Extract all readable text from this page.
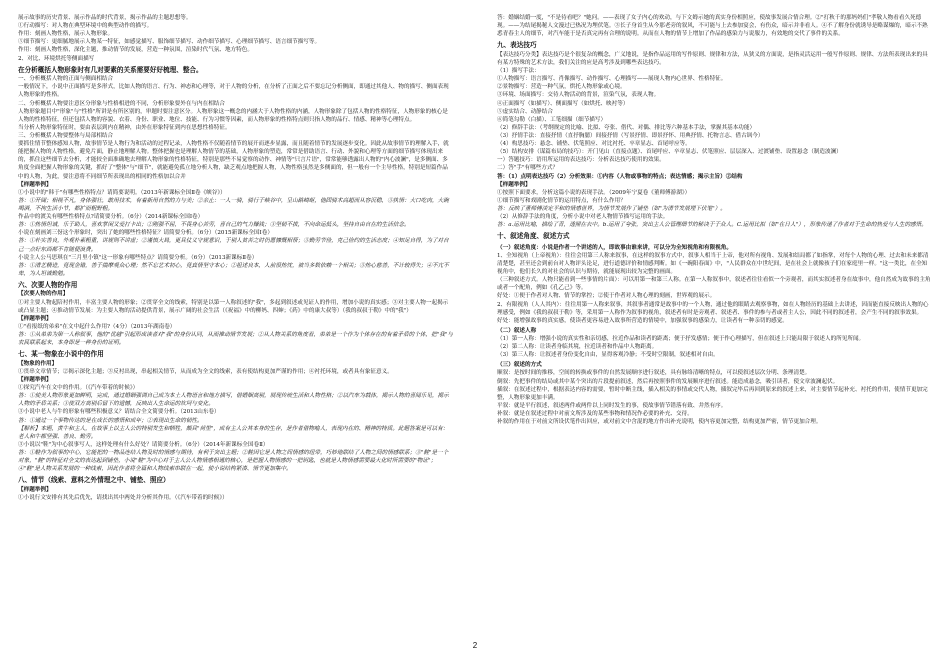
展示故事的历史背景、展示作品的时代背景，揭示作品的主题思想等。

①行动描写：对人物在典型环境中的典型动作的描写。

作用：刻画人物性格，展示人物形象。

⑤细节描写：更细腻地展示人物某一特征，如感觉描写、服饰细节描写、动作细节描写、心理细节描写、语言细节描写等。

作用：刻画人物性格，深化主题，推动情节的发展，营造一种氛围，渲染时代气氛、地方特色。

2、对比、环境烘托等侧面描写

在分析概括人物形象时有几对要素的关系需要好好梳理、整合。

一、分析概括人物的正面与侧面相结合

一般情况下，小说中正面描写是多形式，比如人物的语言、行为、神态和心理等，对于人物的分析，在分析了正面之后不要忘记分析侧面，即通过其他人、物的描写、侧面表现人物形象的性格。

二、分析概括人物要注意区分形象与性格相进的不同，分析形象要外在与内在相结合

人物形象题目中"形象"与"性格"所讲是有所区别的，审题时要注意区分。人物形象这一概念的内涵大于人物性格的内涵，人物形象除了包括人物的性格特征，人物形象的核心是人物的性格特征，但还包括人物的容貌、衣着、身份、职业、地位、技能、行为习惯等因素，而人物形象的性格特点则只指人物的品行、情感、精神等心理特点。

当分析人物形象特征时，要由表层到内在精神，由外在形象特征到内在思想性格特征。

三、分析概括人物要整体与局部相结合

要抓住情节整体感知人物，故事情节是人物行为和活动的过程记录，人物性格不仅随着情节的展开而逐步显露，而且随着情节的发展逐步变化。因此从故事情节的理解入手，就能把握人物的人物性格，避免片面，静止地理解人物。整体把握也是理解人物情节的基础，人物形象的塑造，常常是借助语言、行动、外貌和心理等方面的细节描写体现出来的，抓住这些细节去分析，才能较全面准确地去理解人物形象的性格特征，特别是那些不易觉察的动作、神情等"只言片语"，常常能够透露出人物的"内心波澜"，是多侧面、多角度全面把握人物形象的关键，抓好了"整体"与"细节"，就能避免孤立地分析人物，缺乏观点地把握人物，人物性格虽然是多侧面的，但一般有一个主导性格，特别是短篇作品中的人物，为此，要注意将不同细节所表现出的相同的性格加以合并

【样题举例】

①小说中的"韩于"有哪些性格特点？请简要说明。（2013年新课标全国Ⅱ卷《峡谷》）

答：①开阔；相视不凡，身体强壮，敢用技术，有着新用自然的力与美；②亲止：一人一骑，骑行于峡谷中，呈山路崎岖，他固骑术高超而从容沉稳，③执情：大口吃肉，大碗喝酒，不拘生活小节，都扩而粗野粗。

作品中的渡关有哪些性格特点?请简要分析。（6分）（2014新课标全国Ⅰ卷）

答：①热情坦诚，乐于助人，喜欢掌闲又爱打卡出；②刚强不屈，不畏身心苦劳，喜自己的气力赚钱；③坚韧不拔，不向命运低头，坚持自由自在的生活信念。

小说在刻画刘三伢这个形象时，突出了她的哪些性格特征？请简要分析。（6分）（2015新课标全国Ⅰ卷）

答：①朴实善良，外观朴素粗重，讲规则不讲虚；②谨慎大局，更具仗义守规意识，于别人贫苦之时仍愿慷慨相帮；③勤劳节俭，克己俭约的生活态度；④知足自得，为了对自己一点好东西都不肯随便浪费。

小说主人公马思琪在"三月里小镇"这一形象有哪些特点？请简要分析。（6分）（2013新课标Ⅱ卷）

答：①清艺精进，竟现金错，善于揣摩观众心理；然不忘艺术初心，竟真情坚守本心；②祖述良本，人前很热忱，被当多数依赖一个相关；③热心慈善，不计较得失；④不亢不卑，为人坦诚勤勉。

六、次要人物的作用

【次要人物的作用】

①对主要人物起陪衬作用，丰富主要人物的形象；②贯穿全文的线索，特别是以第一人称叙述的"我"，多起到叙述或见证人的作用，增加小说的真实感；③对主要人物一起揭示或凸显主题；④推动情节发展：为主要人物的活动提供背景，展示广阔的社会生活（《祝福》中的柳妈、四婶；《药》中的康大叔等）（我的叔叔于勒》中的"我"）

【样题举例】

①"看报纸的弟弟"在文中起什么作用?（4分）（2013年湖南卷）

答：①从弟弟为第一人称叙事，他的"优越"引起形成读者对"我"的身份认同，从而推动情节发展；②从人物关系的角度看，弟弟是一个作为个体存在的有着矛盾的个体，把"我"与农民联系起来，本身即是一种身份的证明。

七、某一物象在小说中的作用

【物象的作用】

①贯串文章情节；②揭示深化主题；③反衬出现，串起相关情节，从而成为全文的线索，表有使结构更加严谨的作用；④衬托环境，或者具有象征意义。

【样题举例】

①探究汽车在文中的作用。（《汽车带着的时候》）

答：①使美人物形象更加鲜明，完成，通过婚姻强调自己成为本土人物语言和地方描写，借婚姻离别，展现传统生活和人物性格；②以汽车为载体，揭示人物的喜闻乐见，揭示人物的矛盾关系；③使双方离别后留下的遗憾，反映出人生命运的坎坷与变化。

③小说中老人与牛的形象有哪些积极意义？请结合全文简要分析。（2013山东卷）

答：①通过一个事物传达的是在成长的感悟和成年；②表现出生命的韧性。

【解析】本题，黄牛和主人，在故事上以主人公的特别发生和牺牲，颇具"荷里"，成有主人公其本身的生存，是作者借物喻人，表现内在的、精神的特质。此题答案是可以有：老人和牛都坚强、善良、勤劳。

③小说以"鞋"为中心叙事写人，这样处理有什么好处？请简要分析。（6分）（2014年新课标全国卷Ⅱ）

答：①鞋作为叙事的中心，它能把的一物品连结人物及时的情感与期待，有利于突出主题；②鞋因它是人物之间情感的纽带，巧妙地联结了人物之间的情感联系；③"鞋"是一个对象，"鞋"的特征对全文的表达起到铺垫，小说"鞋"为中心对于主人公人物情感相通的核心，是把握人物情感的一把钥匙，也就是人物情感需要最大化时所需要的"物证"；④"鞋"是人物关系发展的一种线索，因此作者将全篇和人物线索串联在一起，使小说结构紧凑、情节更加集中。

八、情节（线索、意料之外情理之中、铺垫、照应）

【样题举例】

①小说行文安排有其先后优先，请找出其中两处并分析其作用。（《汽车带着的时候》）

答：婚姻结婚一度，"不是待看吧？"她问。——表现了女子内心的欢动，与下文姆示她的真实身份相照应，使故事发展合情合理。②"打秋千的那妈妈们"孝敬人物看看久死德现。——为结尾揭秘人文漫过已热况为埋伏笔。③长子身首生从今那老旁的叙风，不可能与上去参加宴会，有伤众，暗示并非看人。④不了解身份就诱导是略谋爆的，暗示不熟悉青春主人的细节，对汽车能于是否真完再有合理的说明。从而在人物的情节上增加了作品的感染力与说服力，有效地的交代了事件的关系。

九、表达技巧

【表达技巧分类】表达技巧是个很复杂的概念，广义地说，是指作品运用的写作原则、规律和方法，从狭义的方面说，是指灵活运用一般写作原则、规律、方法所表现出来的具有某方特殊的艺术方法，我们关注的应是高考涉及到哪些表达技巧。

（1）描写手法：

①人物描写：语言描写、肖像描写、动作描写、心理描写——展现人物内心世界、性格特征。

②景物描写：营造一种气氛，烘托人物形象或心境。

③环境、场面描写：交待人物活动的背景，渲染气氛，表现人物。

④正面描写（如描写）、侧面描写（如烘托、映衬等）

⑤虚实结合、动静结合

⑥简笔勾勒（白描）、工笔细描（细节描写）

（2）修辞手法：（考纲规定的比喻、比拟、夸张、借代、对偶、排比等六种基本手法，掌握其基本功能）

（3）抒情手法：直接抒情（直抒胸臆）间接抒情（写景抒情、即景抒怀、用典抒情、托物言志、借古讽今）

（4）构思技巧：悬念、铺垫、伏笔照应、对比衬托、卒章显志、首尾呼应等。

（5）结构安排（谋篇布局的技巧）：开门见山（直接点题）、首尾呼应、卒章显志、伏笔照应、层层深入、过渡铺垫、设置悬念（制造波澜）

一）答题技巧：语用所运用的表达技巧：分析表达技巧使用的效果。

二）答"手"有哪些方式？

答：（1）点明表达技巧（2）分析效果：①内容（人物或事物的特点；表达情感；揭示主旨）②结构

【样题举例】

①按照下面要求，分析这篇小说的表现手法。（2009年宁夏卷《董师傅游湖》）

①细节描写和戏剧化情节的运用特点，有什么作用？

答：反映了董师傅淡定平和的情感世界，为情节发展作了铺垫（如"为清节发展埋下伏笔"）。

（2）从修辞手法的角度，分析小说中对老人物情节描写运用的手法。

答：a.运用比喻，描绘了青，透照在衣中。b.运用了夸张，突出主人公管理细节的秘诀于于众人。C.运用比拟（如"在日人"），形象传递了作者对于生命的热爱与人生的感悟。

十、叙述角度、叙述方式

（一）叙述角度：小说是作者一个讲述的人，即故事由谁来讲，可以分为全知视角和有限视角。

1、全知视角（上帝视角）：往往会用第三人称来叙事，在这样的叙事方式中，叙事人相当于上帝，他对所有视角、发展和结局都了如指掌，对每个人物的心理、过去和未来都清清楚楚，甚至还会到前台对人物评头论足，进行道德评价和情感判断。如《一碗阳春面》中，"人民群众在中世纪间，是在社会上就像孩子们在家庭里一样。"这一类比，在全知视角中，他们长久的对社会的认识与期待，就能展现出较为完整的画面。

（三种叙述方式。人物只能看到一些事情的片面）：可以用第一和第三人称。在第一人称叙事中，叙述者往往看似一个旁观者，而其实叙述者身在故事中，他自然成为故事的主角或者一个配角，例如《孔乙己》等。

好处：①便于作者对人物、情节的掌控；②使于作者对人物心理的刻画，世界观的展示。

2、有限视角（人人其内）：往往用第一人称来叙事，其叙事者通常是故事中的一个人物，通过他的眼睛去观察事物，如在人物经历的基础上去讲述，因而能直接反映出人物的心理感受，例如《我的叔叔于勒》等，采用第一人称作为叙事的视角，叙述者有时是旁观者、叙述者、事件的参与者或者主人公，因此不同的叙述者，会产生不同的叙事效果。

好处：能增强故事的真实感，使读者更容易进入故事所营造的情境中，加强叙事的感染力，让读者有一种亲切的感觉。

（二）叙述人称

（1）第一人称：增强小说的真实性和亲切感，拉近作品和读者的距离；便于抒发感情；便于作心理描写，但在叙述上只能局限于叙述人的所见所闻。

（2）第二人称：让读者身临其境，拉近读者和作品中人物距离。

（3）第三人称：让叙述者身份变化自由，显得客观冷静；不受时空限制，叙述相对自由。

（三）叙述的方式

顺叙：是按时间的推移，空间的转换或事件的自然发展顺序进行叙述，具有脉络清晰的特点，可以使叙述层次分明、条理清楚。

倒叙：先把事件的结局或其中某个突出的片段提前叙述，然后再按照事件的发展顺序进行叙述。能造成悬念，吸引读者，使文章波澜起伏。

插叙：在叙述过程中，根据表达内容的需要，暂时中断主线，插入相关的事情或交代人物，插叙完毕后再回到原来的叙述上来，对主要情节起补充、衬托的作用，使情节更加完整，人物形象更加丰满。

平叙：就是平行叙述，叙述两件或两件以上同时发生的事，使故事情节错落有致、井然有序。

补叙：就是在叙述过程中对前文所涉及的某些事物和情况作必要的补充、交待。

补叙的作用在于对前文所设伏笔作出回应，或对前文中含混的地方作出补充说明，使内容更加完整，结构更加严密，情节更加合理。

2
